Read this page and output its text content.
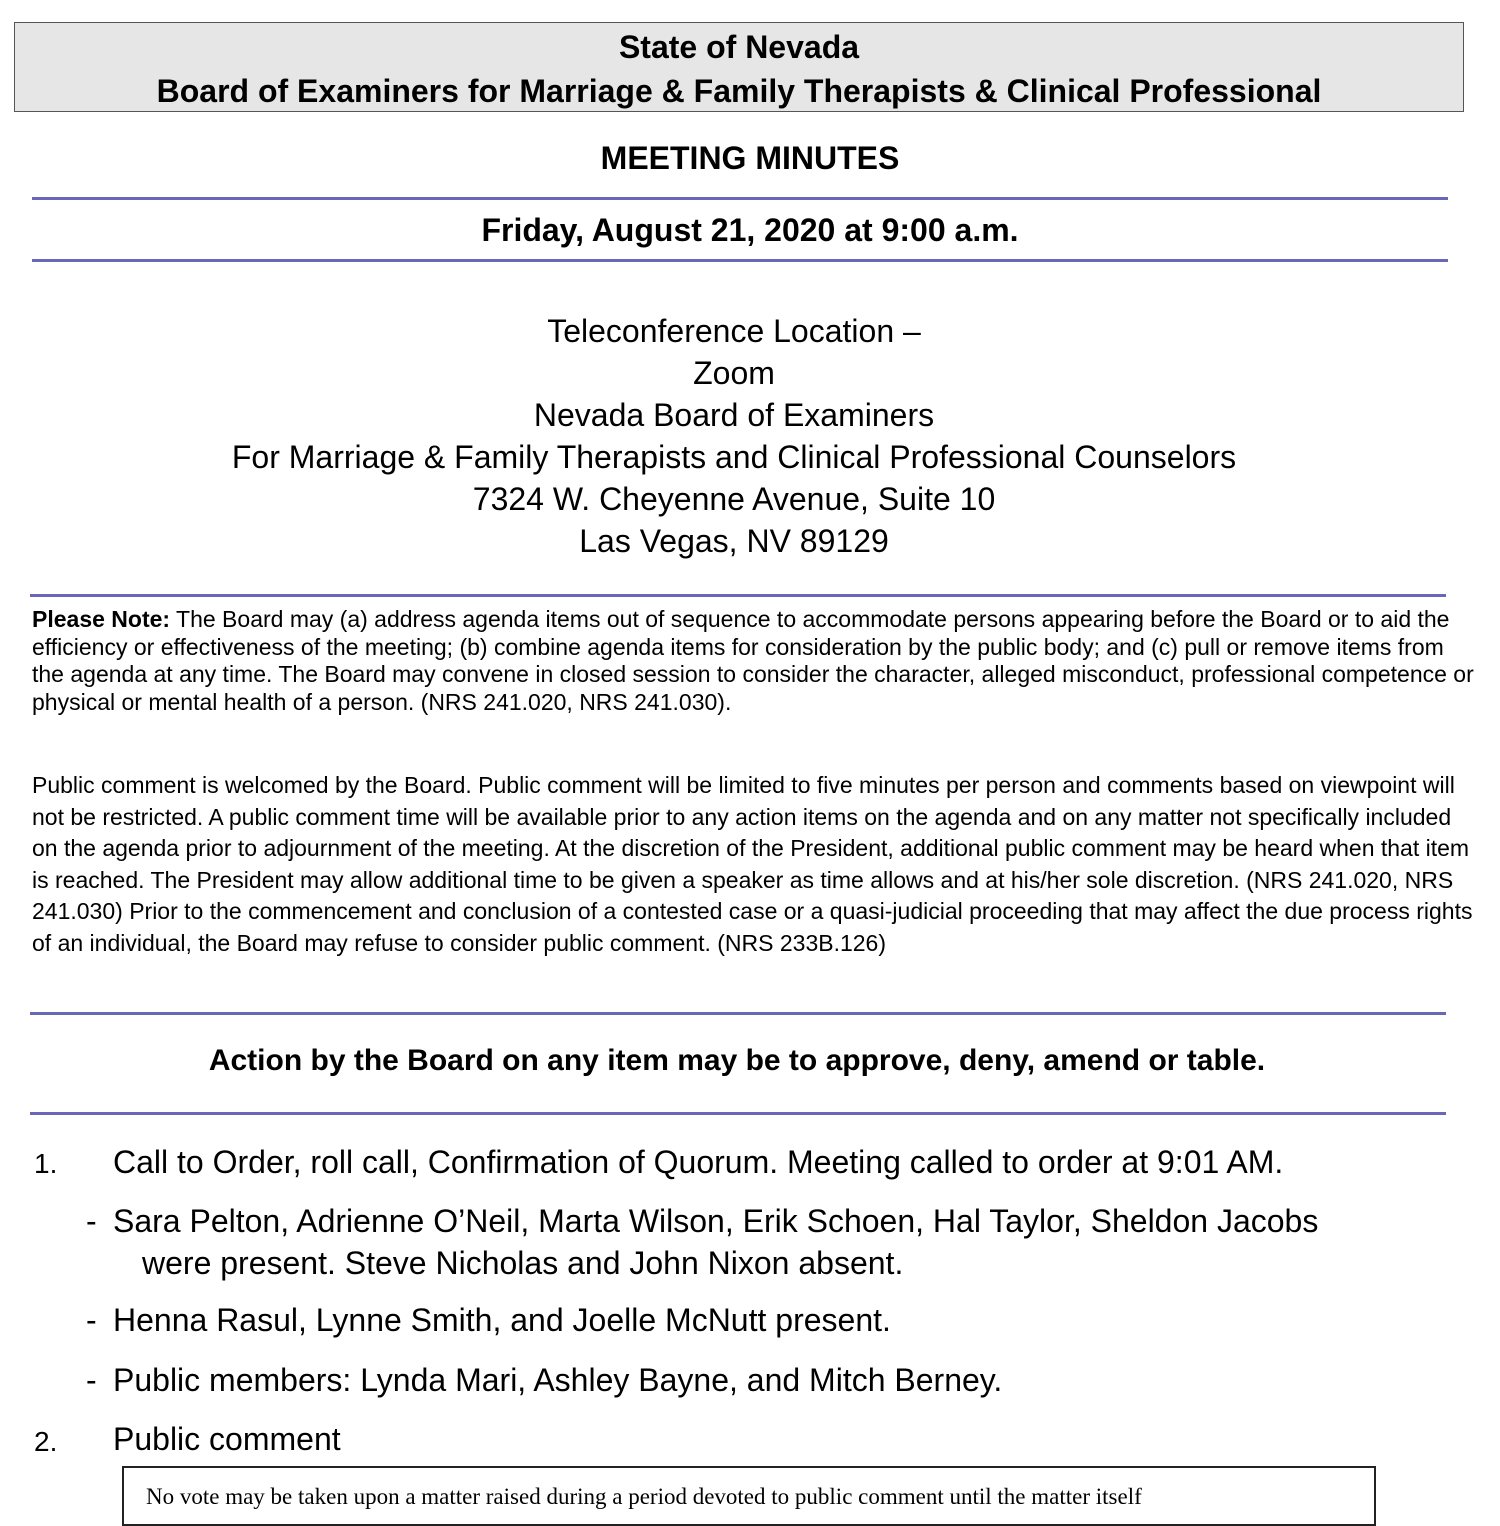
State of Nevada
Board of Examiners for Marriage & Family Therapists & Clinical Professional
MEETING MINUTES
Friday, August 21, 2020 at 9:00 a.m.
Teleconference Location –
Zoom
Nevada Board of Examiners
For Marriage & Family Therapists and Clinical Professional Counselors
7324 W. Cheyenne Avenue, Suite 10
Las Vegas, NV 89129
Please Note: The Board may (a) address agenda items out of sequence to accommodate persons appearing before the Board or to aid the efficiency or effectiveness of the meeting; (b) combine agenda items for consideration by the public body; and (c) pull or remove items from the agenda at any time. The Board may convene in closed session to consider the character, alleged misconduct, professional competence or physical or mental health of a person. (NRS 241.020, NRS 241.030).
Public comment is welcomed by the Board. Public comment will be limited to five minutes per person and comments based on viewpoint will not be restricted. A public comment time will be available prior to any action items on the agenda and on any matter not specifically included on the agenda prior to adjournment of the meeting. At the discretion of the President, additional public comment may be heard when that item is reached. The President may allow additional time to be given a speaker as time allows and at his/her sole discretion. (NRS 241.020, NRS 241.030) Prior to the commencement and conclusion of a contested case or a quasi-judicial proceeding that may affect the due process rights of an individual, the Board may refuse to consider public comment. (NRS 233B.126)
Action by the Board on any item may be to approve, deny, amend or table.
1. Call to Order, roll call, Confirmation of Quorum. Meeting called to order at 9:01 AM.
- Sara Pelton, Adrienne O’Neil, Marta Wilson, Erik Schoen, Hal Taylor, Sheldon Jacobs
were present. Steve Nicholas and John Nixon absent.
- Henna Rasul, Lynne Smith, and Joelle McNutt present.
- Public members: Lynda Mari, Ashley Bayne, and Mitch Berney.
2. Public comment
No vote may be taken upon a matter raised during a period devoted to public comment until the matter itself
